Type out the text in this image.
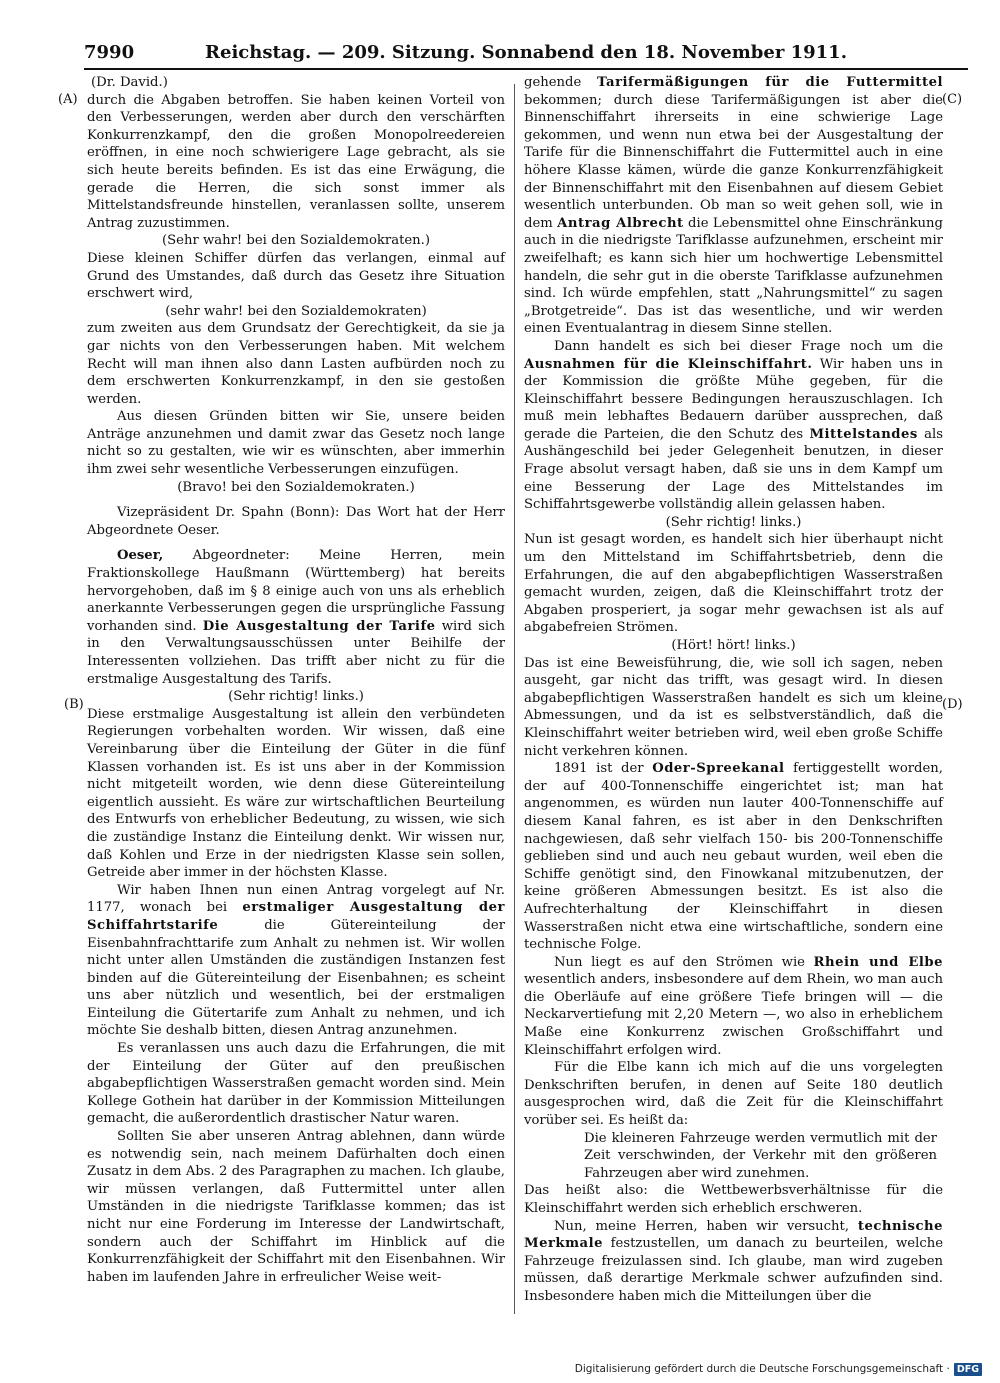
7990	Reichstag. — 209. Sitzung. Sonnabend den 18. November 1911.
(A)
(B)
(C)
(D)

(Dr. David.)

durch die Abgaben betroffen. Sie haben keinen Vorteil von den Verbesserungen, werden aber durch den verschärften Konkurrenzkampf, den die großen Monopolreedereien eröffnen, in eine noch schwierigere Lage gebracht, als sie sich heute bereits befinden. Es ist das eine Erwägung, die gerade die Herren, die sich sonst immer als Mittelstandsfreunde hinstellen, veranlassen sollte, unserem Antrag zuzustimmen.

(Sehr wahr! bei den Sozialdemokraten.)

Diese kleinen Schiffer dürfen das verlangen, einmal auf Grund des Umstandes, daß durch das Gesetz ihre Situation erschwert wird,

(sehr wahr! bei den Sozialdemokraten)

zum zweiten aus dem Grundsatz der Gerechtigkeit, da sie ja gar nichts von den Verbesserungen haben. Mit welchem Recht will man ihnen also dann Lasten aufbürden noch zu dem erschwerten Konkurrenzkampf, in den sie gestoßen werden.

Aus diesen Gründen bitten wir Sie, unsere beiden Anträge anzunehmen und damit zwar das Gesetz noch lange nicht so zu gestalten, wie wir es wünschten, aber immerhin ihm zwei sehr wesentliche Verbesserungen einzufügen.

(Bravo! bei den Sozialdemokraten.)

Vizepräsident Dr. Spahn (Bonn): Das Wort hat der Herr Abgeordnete Oeser.

Oeser, Abgeordneter: Meine Herren, mein Fraktionskollege Haußmann (Württemberg) hat bereits hervorgehoben, daß im § 8 einige auch von uns als erheblich anerkannte Verbesserungen gegen die ursprüngliche Fassung vorhanden sind. Die Ausgestaltung der Tarife wird sich in den Verwaltungsausschüssen unter Beihilfe der Interessenten vollziehen. Das trifft aber nicht zu für die erstmalige Ausgestaltung des Tarifs.

(Sehr richtig! links.)

Diese erstmalige Ausgestaltung ist allein den verbündeten Regierungen vorbehalten worden. Wir wissen, daß eine Vereinbarung über die Einteilung der Güter in die fünf Klassen vorhanden ist. Es ist uns aber in der Kommission nicht mitgeteilt worden, wie denn diese Gütereinteilung eigentlich aussieht. Es wäre zur wirtschaftlichen Beurteilung des Entwurfs von erheblicher Bedeutung, zu wissen, wie sich die zuständige Instanz die Einteilung denkt. Wir wissen nur, daß Kohlen und Erze in der niedrigsten Klasse sein sollen, Getreide aber immer in der höchsten Klasse.

Wir haben Ihnen nun einen Antrag vorgelegt auf Nr. 1177, wonach bei erstmaliger Ausgestaltung der Schiffahrtstarife die Gütereinteilung der Eisenbahnfrachttarife zum Anhalt zu nehmen ist. Wir wollen nicht unter allen Umständen die zuständigen Instanzen fest binden auf die Gütereinteilung der Eisenbahnen; es scheint uns aber nützlich und wesentlich, bei der erstmaligen Einteilung die Gütertarife zum Anhalt zu nehmen, und ich möchte Sie deshalb bitten, diesen Antrag anzunehmen.

Es veranlassen uns auch dazu die Erfahrungen, die mit der Einteilung der Güter auf den preußischen abgabepflichtigen Wasserstraßen gemacht worden sind. Mein Kollege Gothein hat darüber in der Kommission Mitteilungen gemacht, die außerordentlich drastischer Natur waren.

Sollten Sie aber unseren Antrag ablehnen, dann würde es notwendig sein, nach meinem Dafürhalten doch einen Zusatz in dem Abs. 2 des Paragraphen zu machen. Ich glaube, wir müssen verlangen, daß Futtermittel unter allen Umständen in die niedrigste Tarifklasse kommen; das ist nicht nur eine Forderung im Interesse der Landwirtschaft, sondern auch der Schiffahrt im Hinblick auf die Konkurrenzfähigkeit der Schiffahrt mit den Eisenbahnen. Wir haben im laufenden Jahre in erfreulicher Weise weit-

gehende Tarifermäßigungen für die Futtermittel bekommen; durch diese Tarifermäßigungen ist aber die Binnenschiffahrt ihrerseits in eine schwierige Lage gekommen, und wenn nun etwa bei der Ausgestaltung der Tarife für die Binnenschiffahrt die Futtermittel auch in eine höhere Klasse kämen, würde die ganze Konkurrenzfähigkeit der Binnenschiffahrt mit den Eisenbahnen auf diesem Gebiet wesentlich unterbunden. Ob man so weit gehen soll, wie in dem Antrag Albrecht die Lebensmittel ohne Einschränkung auch in die niedrigste Tarifklasse aufzunehmen, erscheint mir zweifelhaft; es kann sich hier um hochwertige Lebensmittel handeln, die sehr gut in die oberste Tarifklasse aufzunehmen sind. Ich würde empfehlen, statt „Nahrungsmittel“ zu sagen „Brotgetreide“. Das ist das wesentliche, und wir werden einen Eventualantrag in diesem Sinne stellen.

Dann handelt es sich bei dieser Frage noch um die Ausnahmen für die Kleinschiffahrt. Wir haben uns in der Kommission die größte Mühe gegeben, für die Kleinschiffahrt bessere Bedingungen herauszuschlagen. Ich muß mein lebhaftes Bedauern darüber aussprechen, daß gerade die Parteien, die den Schutz des Mittelstandes als Aushängeschild bei jeder Gelegenheit benutzen, in dieser Frage absolut versagt haben, daß sie uns in dem Kampf um eine Besserung der Lage des Mittelstandes im Schiffahrtsgewerbe vollständig allein gelassen haben.

(Sehr richtig! links.)

Nun ist gesagt worden, es handelt sich hier überhaupt nicht um den Mittelstand im Schiffahrtsbetrieb, denn die Erfahrungen, die auf den abgabepflichtigen Wasserstraßen gemacht wurden, zeigen, daß die Kleinschiffahrt trotz der Abgaben prosperiert, ja sogar mehr gewachsen ist als auf abgabefreien Strömen.

(Hört! hört! links.)

Das ist eine Beweisführung, die, wie soll ich sagen, neben ausgeht, gar nicht das trifft, was gesagt wird. In diesen abgabepflichtigen Wasserstraßen handelt es sich um kleine Abmessungen, und da ist es selbstverständlich, daß die Kleinschiffahrt weiter betrieben wird, weil eben große Schiffe nicht verkehren können.

1891 ist der Oder-Spreekanal fertiggestellt worden, der auf 400-Tonnenschiffe eingerichtet ist; man hat angenommen, es würden nun lauter 400-Tonnenschiffe auf diesem Kanal fahren, es ist aber in den Denkschriften nachgewiesen, daß sehr vielfach 150- bis 200-Tonnenschiffe geblieben sind und auch neu gebaut wurden, weil eben die Schiffe genötigt sind, den Finowkanal mitzubenutzen, der keine größeren Abmessungen besitzt. Es ist also die Aufrechterhaltung der Kleinschiffahrt in diesen Wasserstraßen nicht etwa eine wirtschaftliche, sondern eine technische Folge.

Nun liegt es auf den Strömen wie Rhein und Elbe wesentlich anders, insbesondere auf dem Rhein, wo man auch die Oberläufe auf eine größere Tiefe bringen will — die Neckarvertiefung mit 2,20 Metern —, wo also in erheblichem Maße eine Konkurrenz zwischen Großschiffahrt und Kleinschiffahrt erfolgen wird.

Für die Elbe kann ich mich auf die uns vorgelegten Denkschriften berufen, in denen auf Seite 180 deutlich ausgesprochen wird, daß die Zeit für die Kleinschiffahrt vorüber sei. Es heißt da:

Die kleineren Fahrzeuge werden vermutlich mit der Zeit verschwinden, der Verkehr mit den größeren Fahrzeugen aber wird zunehmen.

Das heißt also: die Wettbewerbsverhältnisse für die Kleinschiffahrt werden sich erheblich erschweren.

Nun, meine Herren, haben wir versucht, technische Merkmale festzustellen, um danach zu beurteilen, welche Fahrzeuge freizulassen sind. Ich glaube, man wird zugeben müssen, daß derartige Merkmale schwer aufzufinden sind. Insbesondere haben mich die Mitteilungen über die

Digitalisierung gefördert durch die Deutsche Forschungsgemeinschaft · DFG
